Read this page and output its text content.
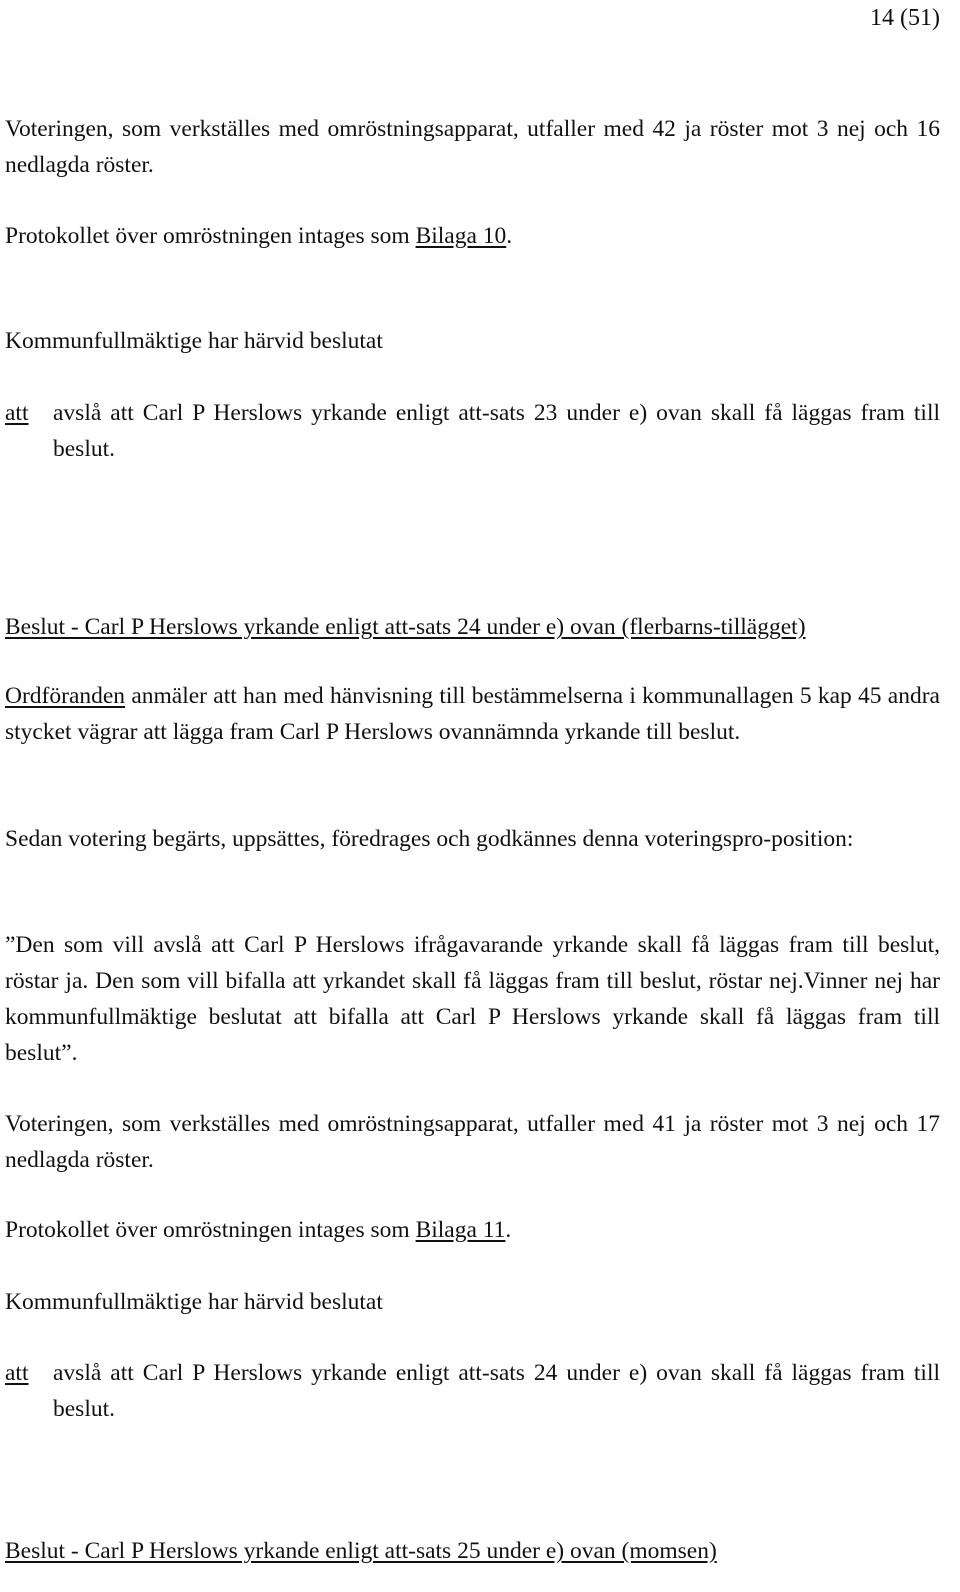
14 (51)

Voteringen, som verkställes med omröstningsapparat, utfaller med 42 ja röster mot 3 nej och 16 nedlagda röster.

Protokollet över omröstningen intages som Bilaga 10.

Kommunfullmäktige har härvid beslutat

att avslå att Carl P Herslows yrkande enligt att-sats 23 under e) ovan skall få läggas fram till beslut.

Beslut - Carl P Herslows yrkande enligt att-sats 24 under e) ovan (flerbarns-tillägget)

Ordföranden anmäler att han med hänvisning till bestämmelserna i kommunallagen 5 kap 45 andra stycket vägrar att lägga fram Carl P Herslows ovannämnda yrkande till beslut.

Sedan votering begärts, uppsättes, föredrages och godkännes denna voteringspro-position:

”Den som vill avslå att Carl P Herslows ifrågavarande yrkande skall få läggas fram till beslut, röstar ja. Den som vill bifalla att yrkandet skall få läggas fram till beslut, röstar nej.Vinner nej har kommunfullmäktige beslutat att bifalla att Carl P Herslows yrkande skall få läggas fram till beslut”.

Voteringen, som verkställes med omröstningsapparat, utfaller med 41 ja röster mot 3 nej och 17 nedlagda röster.

Protokollet över omröstningen intages som Bilaga 11.

Kommunfullmäktige har härvid beslutat

att avslå att Carl P Herslows yrkande enligt att-sats 24 under e) ovan skall få läggas fram till beslut.

Beslut - Carl P Herslows yrkande enligt att-sats 25 under e) ovan (momsen)
